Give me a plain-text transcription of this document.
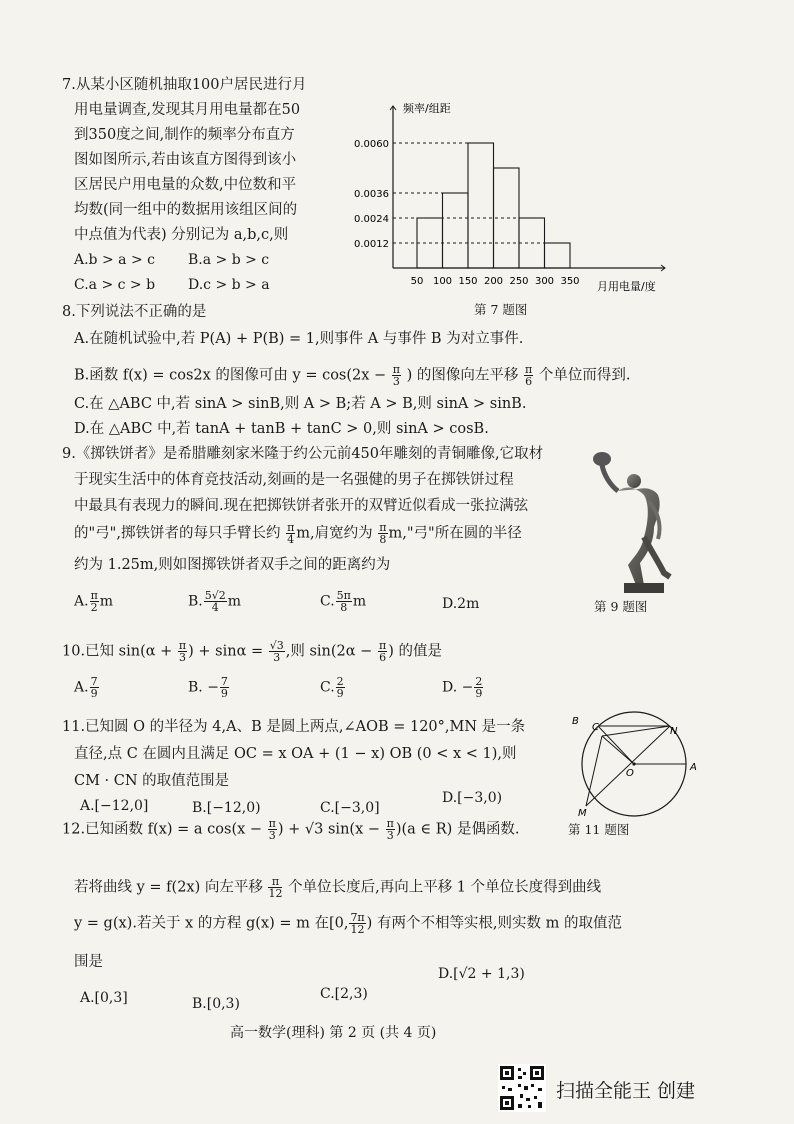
7.从某小区随机抽取100户居民进行月
用电量调查,发现其月用电量都在50
到350度之间,制作的频率分布直方
图如图所示,若由该直方图得到该小
区居民户用电量的众数,中位数和平
均数(同一组中的数据用该组区间的
中点值为代表) 分别记为 a,b,c,则
A.b > a > c B.a > b > c
C.a > c > b D.c > b > a
频率/组距
月用电量/度
0.0012
0.0024
0.0036
0.0060
50 100 150 200 250 300 350
第 7 题图
8.下列说法不正确的是
A.在随机试验中,若 P(A) + P(B) = 1,则事件 A 与事件 B 为对立事件.
B.函数 f(x) = cos2x 的图像可由 $y = \cos(2x - \frac{\pi}{3}$ ) 的图像向左平移 $\frac{\pi}{6}$ 个单位而得到.
C.在 △ABC 中,若 sinA > sinB,则 A > B;若 A > B,则 sinA > sinB.
D.在 △ABC 中,若 tanA + tanB + tanC > 0,则 sinA > cosB.
9.《掷铁饼者》是希腊雕刻家米隆于约公元前450年雕刻的青铜雕像,它取材
于现实生活中的体育竞技活动,刻画的是一名强健的男子在掷铁饼过程
中最具有表现力的瞬间.现在把掷铁饼者张开的双臂近似看成一张拉满弦
的"弓",掷铁饼者的每只手臂长约 $\frac{\pi}{4} m$,肩宽约为 $\frac{\pi}{8} m$,"弓"所在圆的半径
约为 1.25m,则如图掷铁饼者双手之间的距离约为
A. $\frac{\pi}{2}$ m	B. $\frac{5√2}{4}$ m	C. $\frac{5\pi}{8}$ m	D.2m	第 9 题图
10.已知 $\sin(\alpha + \frac{\pi}{3}$ ) + $\sin\alpha = \frac{√3}{3}$ ,则 $\sin(2\alpha - \frac{\pi}{6}$ ) 的值是
A. $\frac{7}{9}$	B. − $\frac{7}{9}$	C. $\frac{2}{9}$	D. − $\frac{2}{9}$
11.已知圆 O 的半径为 4,A、B 是圆上两点,∠AOB = 120°,MN 是一条
直径,点 C 在圆内且满足 OC = x OA + (1 − x) OB (0 < x < 1),则
CM · CN 的取值范围是
A.[−12,0]	B.[−12,0)	C.[−3,0]
D.[−3,0)
B
C	N
O
A
M
第 11 题图
12.已知函数 f(x) = a $\cos(x - \frac{\pi}{3}$ ) + √3 $\sin(x - \frac{\pi}{3} )(a$ ∈ R) 是偶函数.
若将曲线 y = f(2x) 向左平移 $\frac{\pi}{12}$ 个单位长度后,再向上平移 1 个单位长度得到曲线
y = g(x).若关于 x 的方程 g(x) = m 在[0, $\frac{7\pi}{12}$ ) 有两个不相等实根,则实数 m 的取值范
围是
A.[0,3]	B.[0,3)
C.[2,3)
D.[√2 + 1,3)
高一数学(理科) 第 2 页 (共 4 页)
扫描全能王 创建
